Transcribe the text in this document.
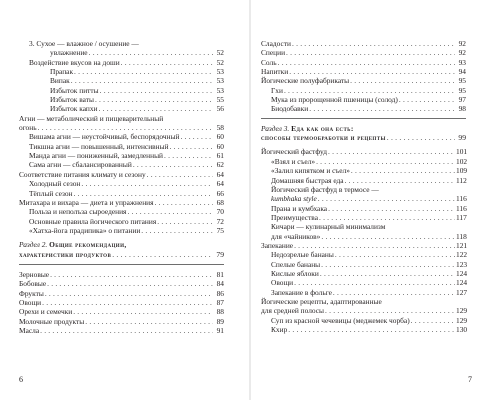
3. Сухое — влажное / осушение —
увлажнение . . .	52
Воздействие вкусов на доши . . .	52
Прапак . . .	53
Випак . . .	53
Избыток питты . . .	53
Избыток ваты . . .	55
Избыток капхи . . .	56
Агни — метаболический и пищеварительный
огонь . . .	58
Вишама агни — неустойчивый, беспорядочный . . .	60
Тикшна агни — повышенный, интенсивный . . .	60
Манда агни — пониженный, замедленный . . .	61
Сама агни — сбалансированный . . .	62
Соответствие питания климату и сезону . . .	64
Холодный сезон . . .	64
Тёплый сезон . . .	66
Митахара и вихара — диета и упражнения . . .	68
Польза и неполъза сыроедения . . .	70
Основные правила йогического питания . . .	72
«Хатха-йога прадипика» о питании . . .	75
Раздел 2. Общие рекомендации,
характеристики продуктов . . .	79
Зерновые . . .	81
Бобовые . . .	84
Фрукты . . .	86
Овощи . . .	87
Орехи и семечки . . .	88
Молочные продукты . . .	89
Масла . . .	91
6
Сладости . . .	92
Специи . . .	92
Соль . . .	93
Напитки . . .	94
Йогические полуфабрикаты . . .	95
Гхи . . .	95
Мука из пророщенной пшеницы (солод) . . .	97
Биодобавки . . .	98
Раздел 3. Еда как она есть:
способы термообработки и рецепты . . .	99
Йогический фастфуд . . .	101
«Взял и съел» . . .	102
«Залил кипятком и съел» . . .	109
Домашняя быстрая еда . . .	112
Йогический фастфуд в термосе —
kumbhaka style . . .	116
Прана и кумбхака . . .	116
Преимущества . . .	117
Кичари — кулинарный минимализм
для «чайников» . . .	118
Запекание . . .	121
Недозрелые бананы . . .	122
Спелые бананы . . .	123
Кислые яблоки . . .	124
Овощи . . .	124
Запекание в фольге . . .	127
Йогические рецепты, адаптированные
для средней полосы . . .	129
Суп из красной чечевицы (меджемек чорба) . . .	129
Кхир . . .	130
7
